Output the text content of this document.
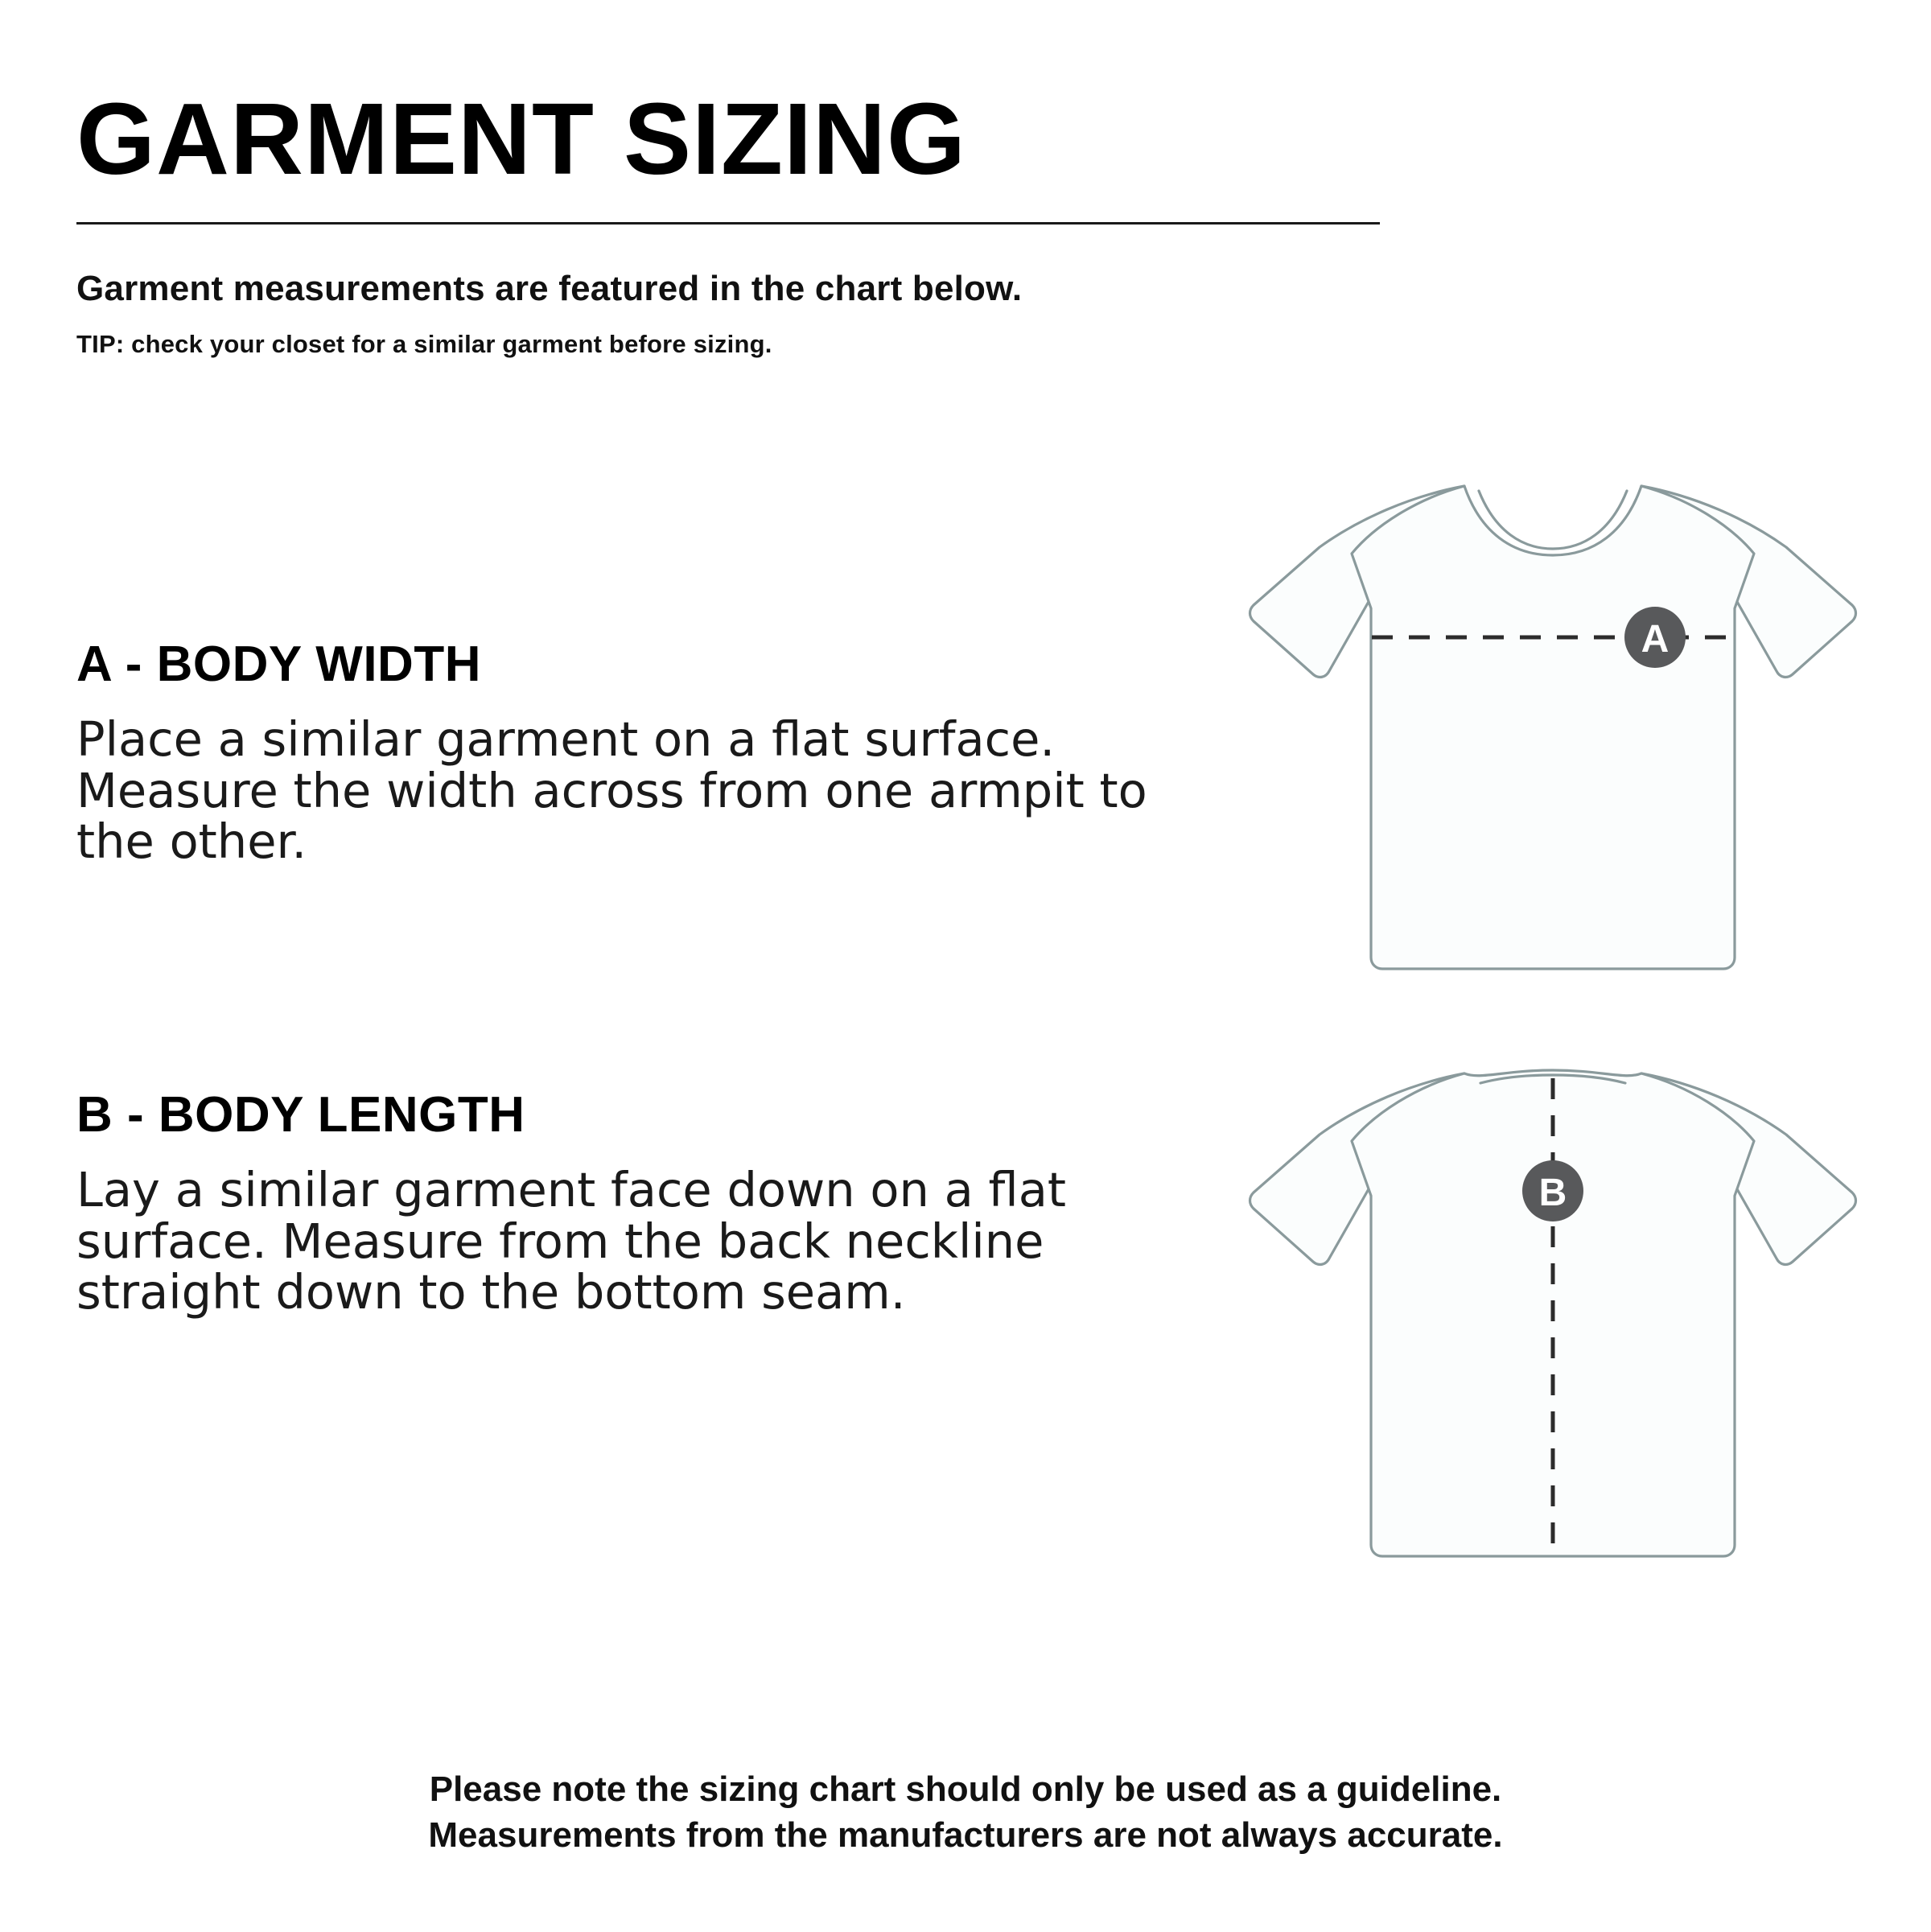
GARMENT SIZING
Garment measurements are featured in the chart below.
TIP: check your closet for a similar garment before sizing.
A - BODY WIDTH

Place a similar garment on a flat surface. Measure the width across from one armpit to the other.

B - BODY LENGTH

Lay a similar garment face down on a flat surface. Measure from the back neckline straight down to the bottom seam.

A
B
Please note the sizing chart should only be used as a guideline.
Measurements from the manufacturers are not always accurate.
